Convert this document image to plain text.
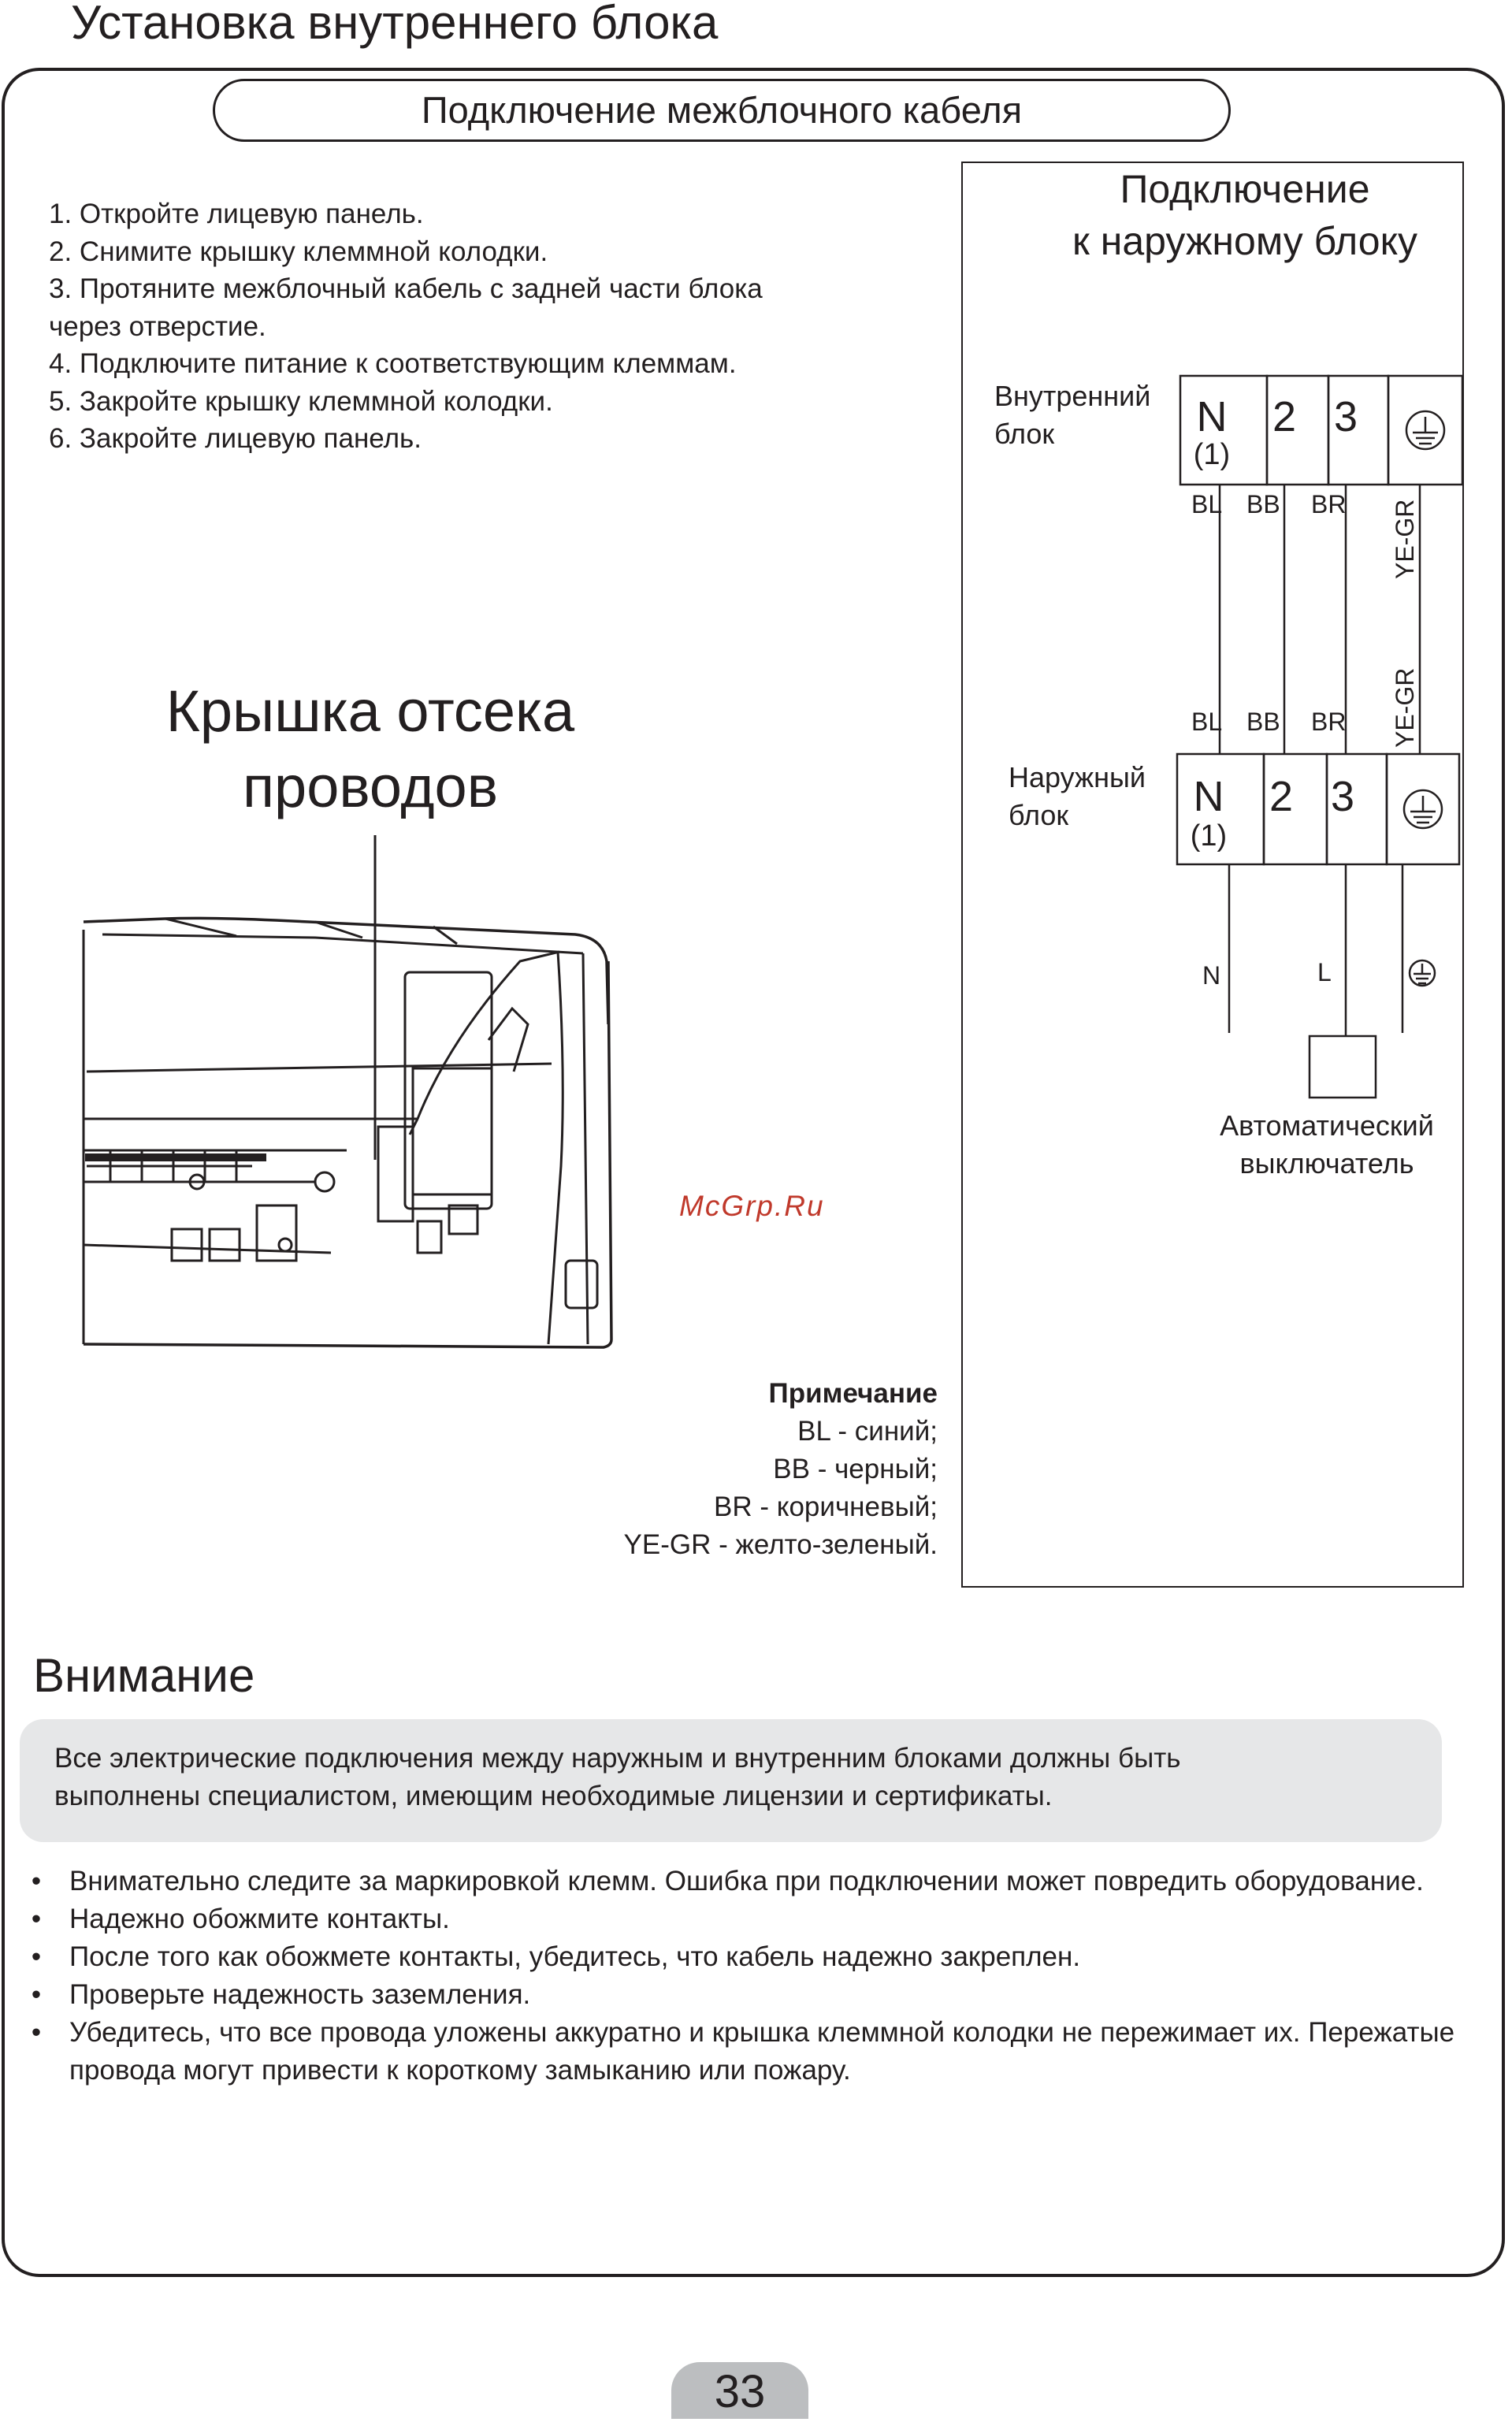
Установка внутреннего блока
Подключение межблочного кабеля
1. Откройте лицевую панель.
2. Снимите крышку клеммной колодки.
3. Протяните межблочный кабель с задней части блока через отверстие.
4. Подключите питание к соответствующим клеммам.
5. Закройте крышку клеммной колодки.
6. Закройте лицевую панель.
Крышка отсека
проводов
McGrp.Ru
Примечание
BL - синий;
BB - черный;
BR - коричневый;
YE-GR - желто-зеленый.
Подключение
к наружному блоку
Внутренний
блок
Наружный
блок
N
(1)
2 3
BL BB BR YE-GR
BL BB BR YE-GR
N
(1)
2 3
N	L
Автоматический
выключатель
Внимание
Все электрические подключения между наружным и внутренним блоками должны быть
выполнены специалистом, имеющим необходимые лицензии и сертификаты.
•	Внимательно следите за маркировкой клемм. Ошибка при подключении может повредить оборудование.
•	Надежно обожмите контакты.
•	После того как обожмете контакты, убедитесь, что кабель надежно закреплен.
•	Проверьте надежность заземления.
•	Убедитесь, что все провода уложены аккуратно и крышка клеммной колодки не пережимает их. Пережатые провода могут привести к короткому замыканию или пожару.
33
